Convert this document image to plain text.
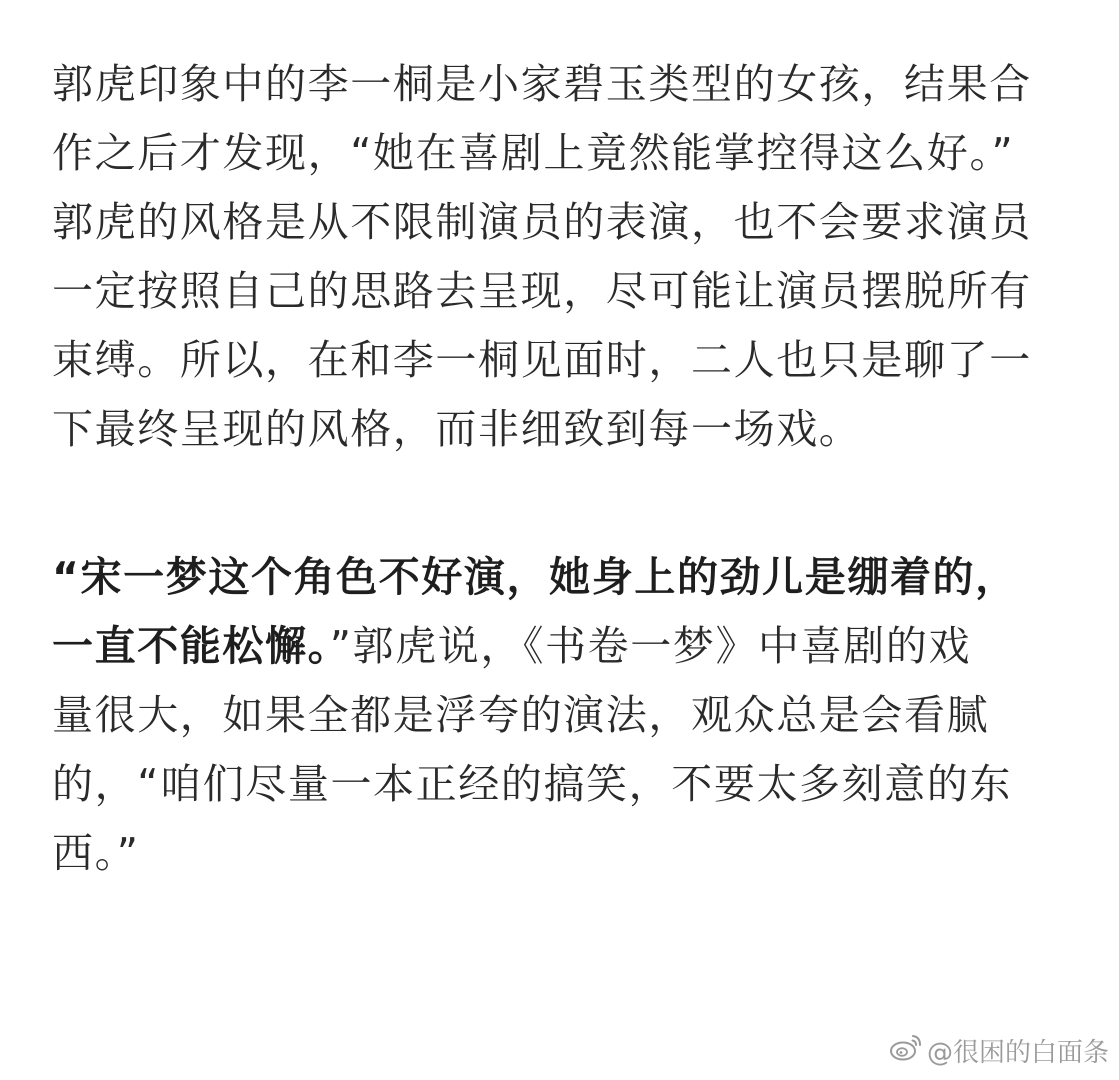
郭虎印象中的李一桐是小家碧玉类型的女孩，结果合
作之后才发现，“她在喜剧上竟然能掌控得这么好。”
郭虎的风格是从不限制演员的表演，也不会要求演员
一定按照自己的思路去呈现，尽可能让演员摆脱所有
束缚。所以，在和李一桐见面时，二人也只是聊了一
下最终呈现的风格，而非细致到每一场戏。
“宋一梦这个角色不好演，她身上的劲儿是绷着的，
一直不能松懈。”郭虎说，《书卷一梦》中喜剧的戏
量很大，如果全都是浮夸的演法，观众总是会看腻
的，“咱们尽量一本正经的搞笑，不要太多刻意的东
西。”
@很困的白面条
